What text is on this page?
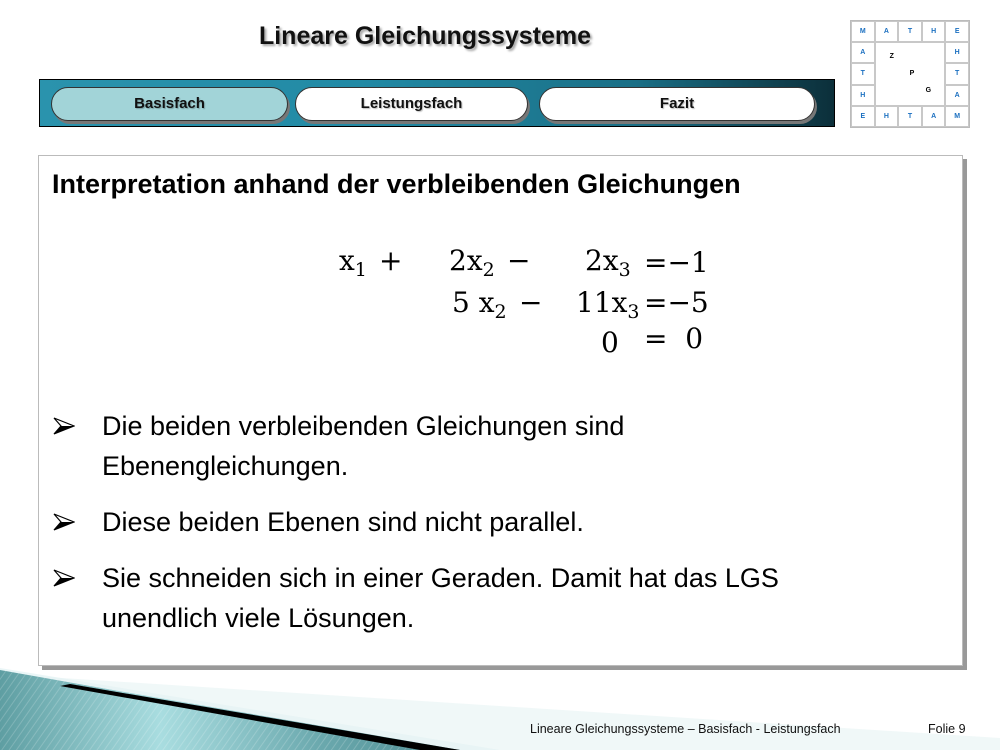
Lineare Gleichungssysteme
Basisfach	Leistungsfach	Fazit
M	A	T	H	E
A
Z
P
G
H
T	T
H	A
E	H	T	A	M
Interpretation anhand der verbleibenden Gleichungen
$x_1 + 2x_2 - 2x_3 =-1$
5 $x_2 - 11x_3 =-5$
0 =  0
Die beiden verbleibenden Gleichungen sind
Ebenengleichungen.
Diese beiden Ebenen sind nicht parallel.
Sie schneiden sich in einer Geraden. Damit hat das LGS
unendlich viele Lösungen.
Lineare Gleichungssysteme – Basisfach - Leistungsfach	Folie 9
